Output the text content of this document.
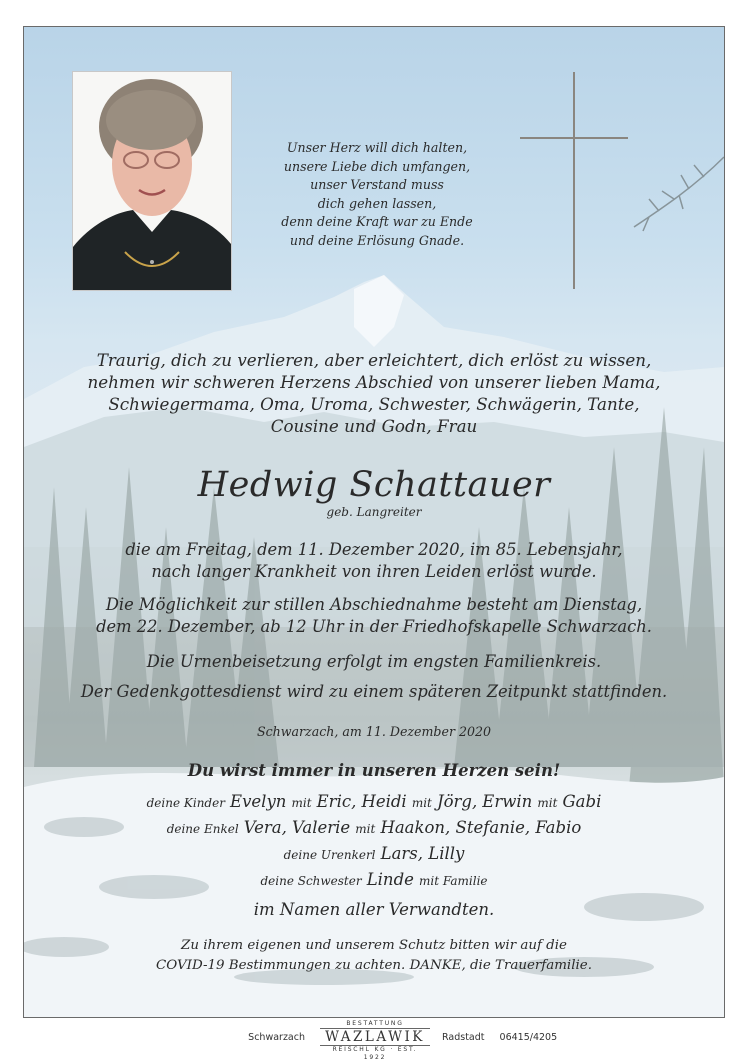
Unser Herz will dich halten,
unsere Liebe dich umfangen,
unser Verstand muss
dich gehen lassen,
denn deine Kraft war zu Ende
und deine Erlösung Gnade.
Traurig, dich zu verlieren, aber erleichtert, dich erlöst zu wissen,
nehmen wir schweren Herzens Abschied von unserer lieben Mama,
Schwiegermama, Oma, Uroma, Schwester, Schwägerin, Tante,
Cousine und Godn, Frau
Hedwig Schattauer
geb. Langreiter
die am Freitag, dem 11. Dezember 2020, im 85. Lebensjahr,
nach langer Krankheit von ihren Leiden erlöst wurde.
Die Möglichkeit zur stillen Abschiednahme besteht am Dienstag,
dem 22. Dezember, ab 12 Uhr in der Friedhofskapelle Schwarzach.
Die Urnenbeisetzung erfolgt im engsten Familienkreis.
Der Gedenkgottesdienst wird zu einem späteren Zeitpunkt stattfinden.
Schwarzach, am 11. Dezember 2020
Du wirst immer in unseren Herzen sein!
deine Kinder Evelyn mit Eric, Heidi mit Jörg, Erwin mit Gabi
deine Enkel Vera, Valerie mit Haakon, Stefanie, Fabio
deine Urenkerl Lars, Lilly
deine Schwester Linde mit Familie
im Namen aller Verwandten.
Zu ihrem eigenen und unserem Schutz bitten wir auf die
COVID-19 Bestimmungen zu achten. DANKE, die Trauerfamilie.
Schwarzach
BESTATTUNG
WAZLAWIK
REISCHL KG · EST. 1922
Radstadt 06415/4205
